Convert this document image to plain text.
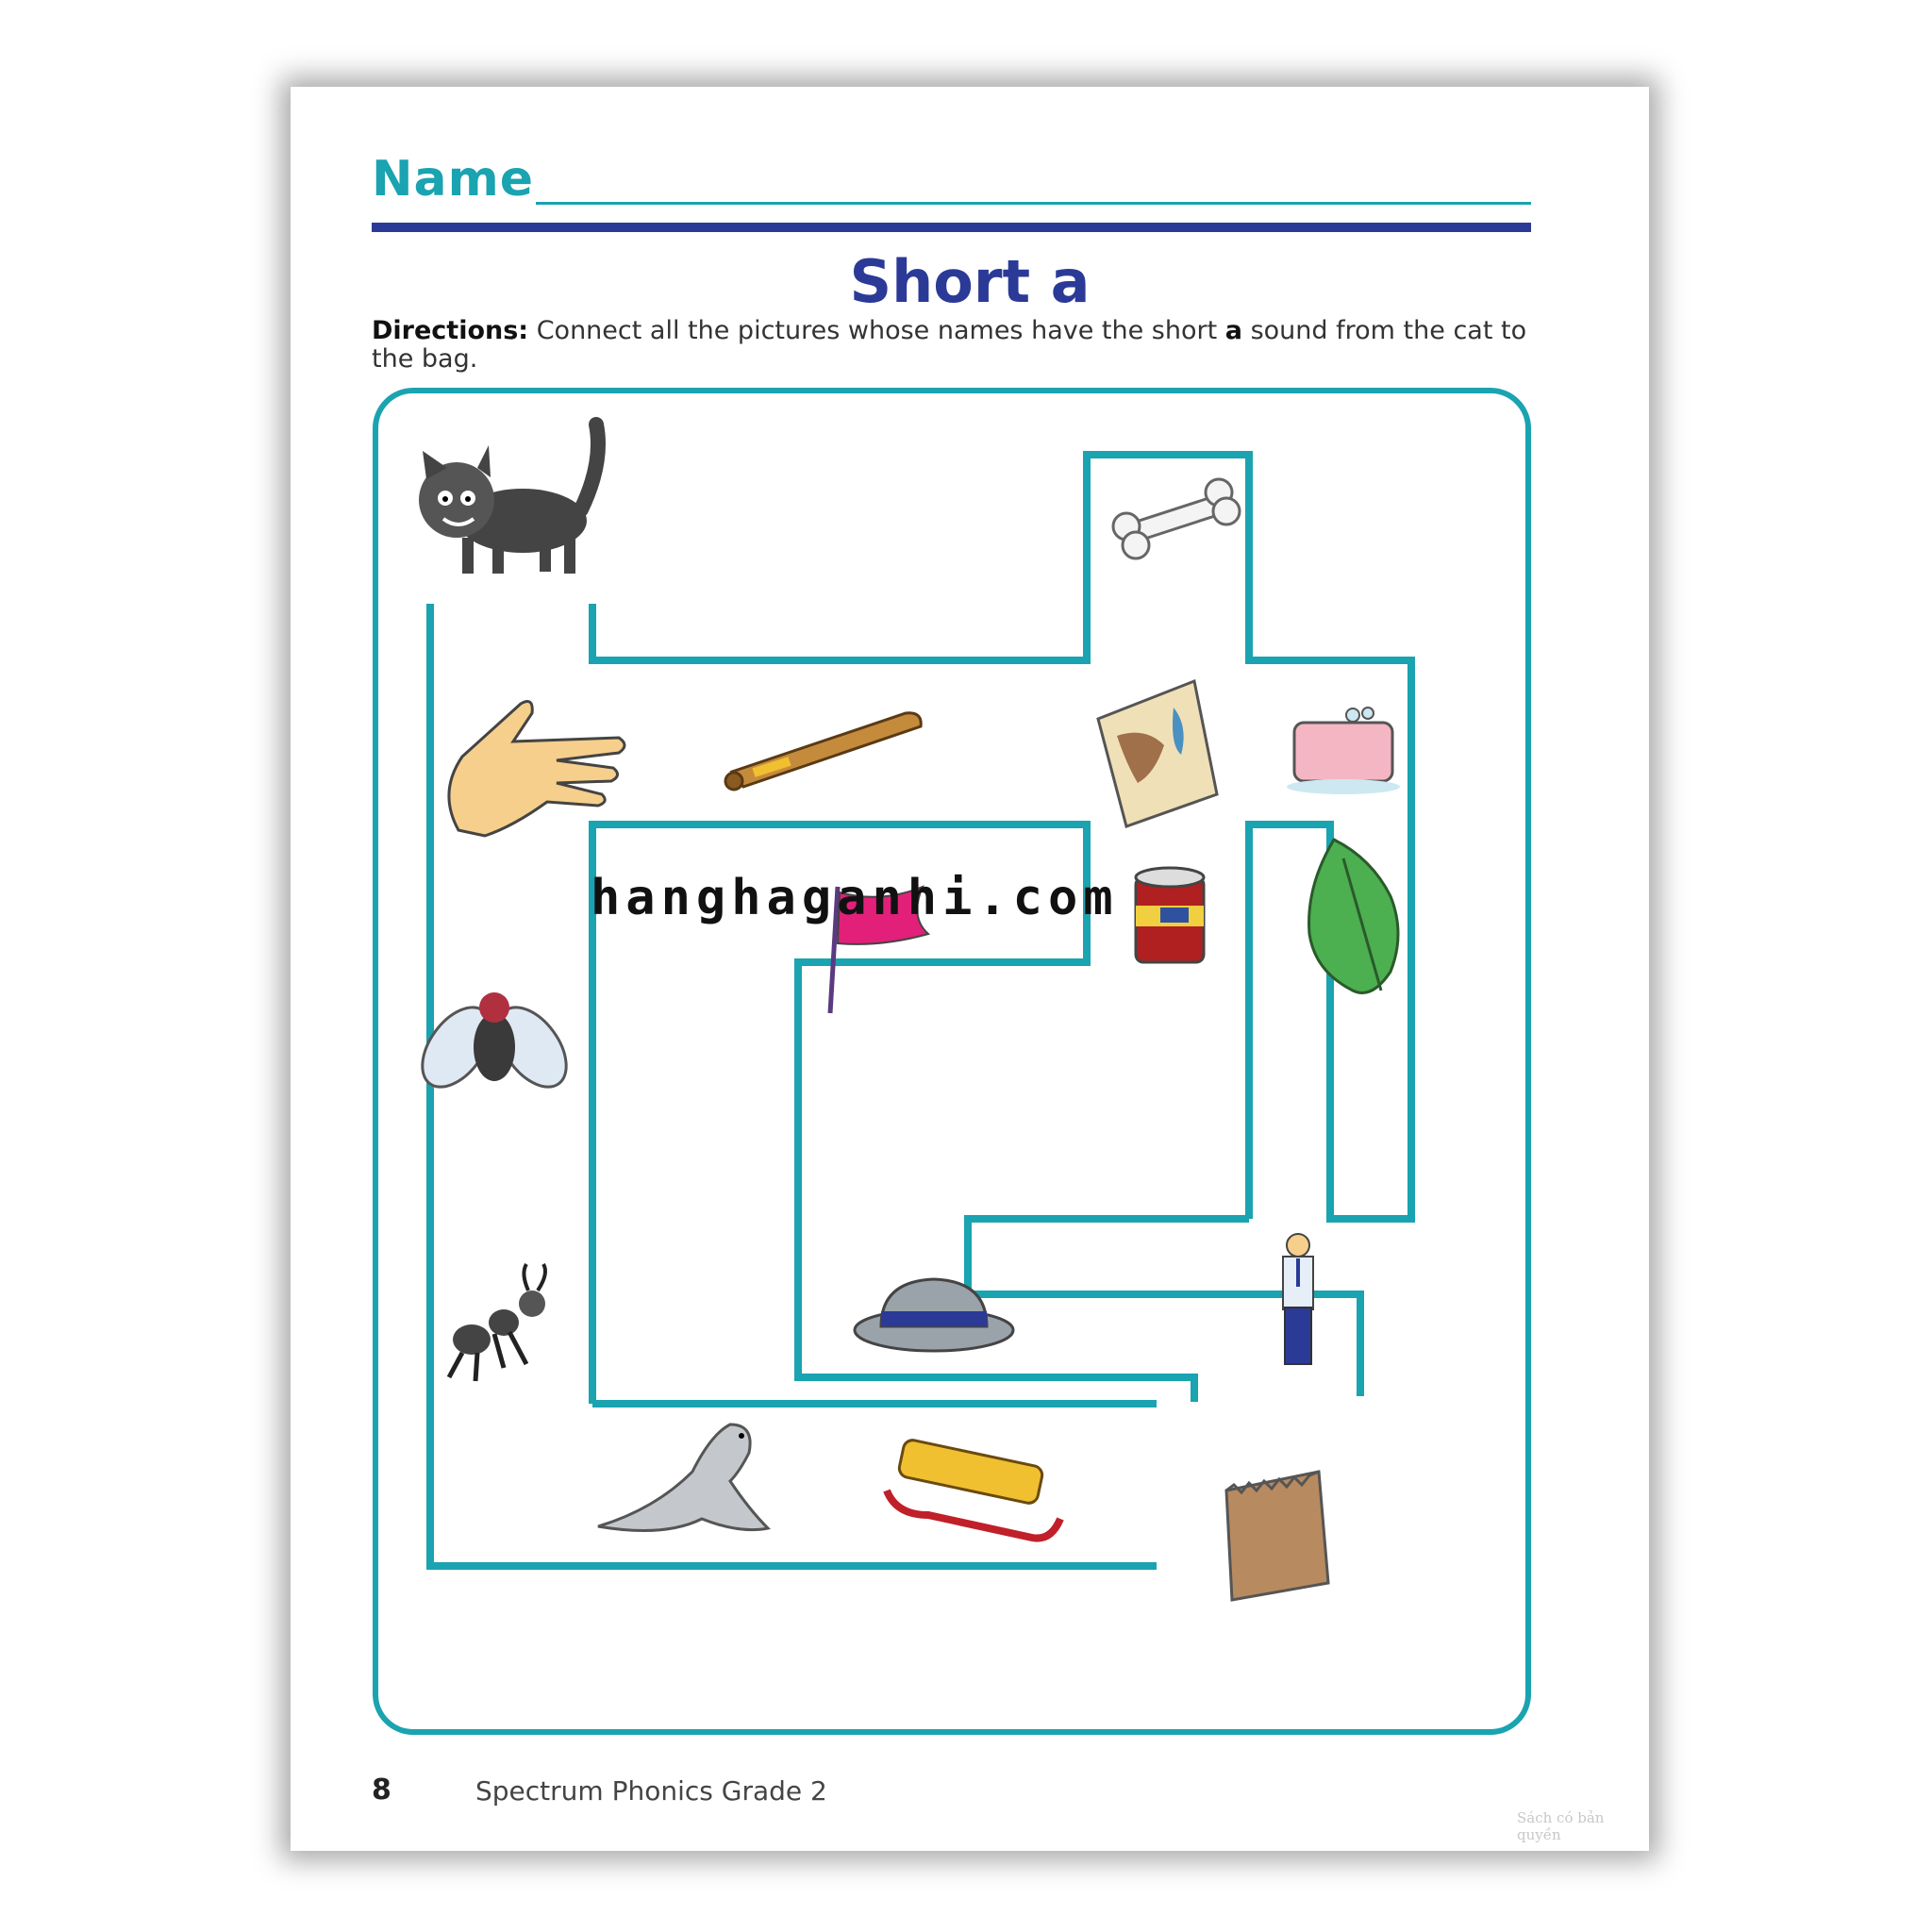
Name
Short a
Directions: Connect all the pictures whose names have the short a sound from the cat to the bag.
hanghaganhi.com
8	Spectrum Phonics Grade 2
Sách có bản quyền
